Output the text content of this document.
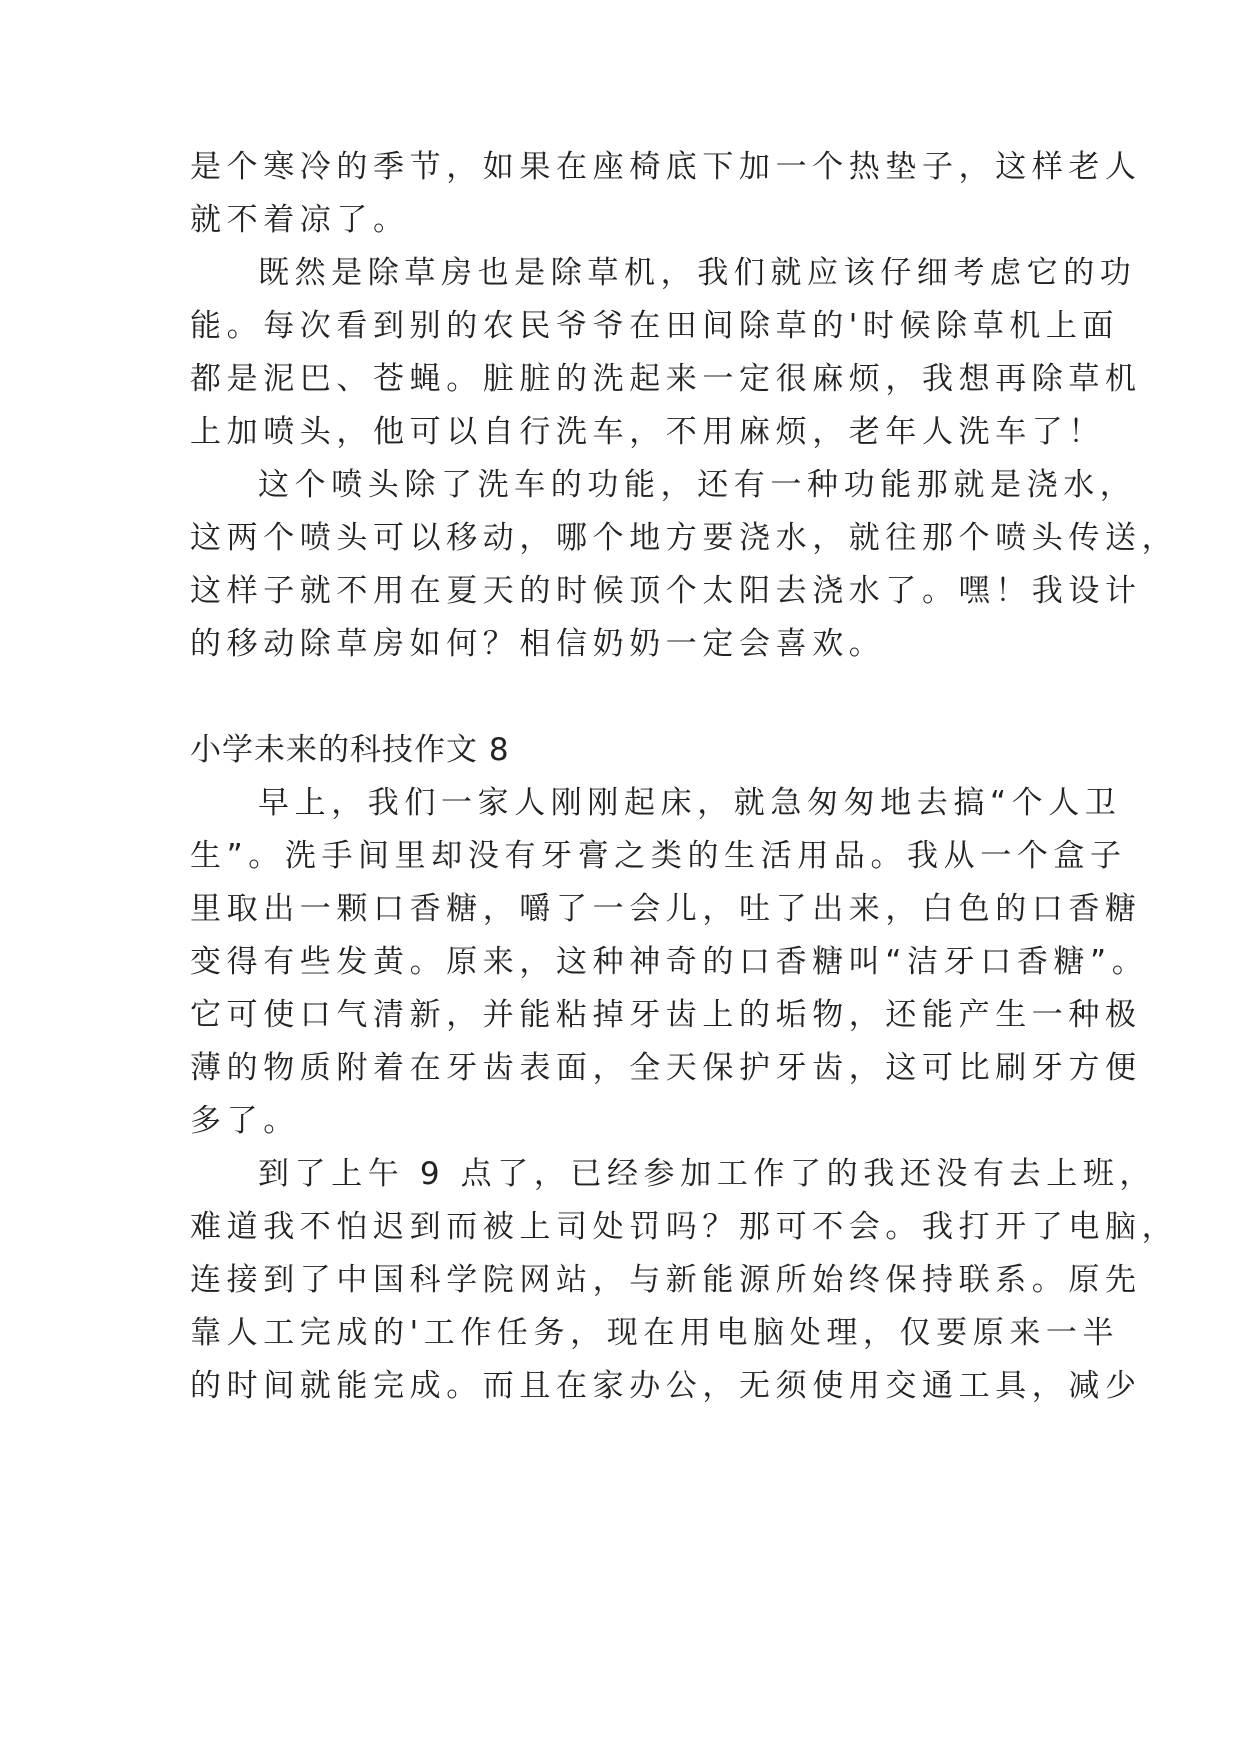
是个寒冷的季节，如果在座椅底下加一个热垫子，这样老人
就不着凉了。
既然是除草房也是除草机，我们就应该仔细考虑它的功
能。每次看到别的农民爷爷在田间除草的'时候除草机上面
都是泥巴、苍蝇。脏脏的洗起来一定很麻烦，我想再除草机
上加喷头，他可以自行洗车，不用麻烦，老年人洗车了！
这个喷头除了洗车的功能，还有一种功能那就是浇水，
这两个喷头可以移动，哪个地方要浇水，就往那个喷头传送，
这样子就不用在夏天的时候顶个太阳去浇水了。嘿！我设计
的移动除草房如何？相信奶奶一定会喜欢。
小学未来的科技作文 8
早上，我们一家人刚刚起床，就急匆匆地去搞“个人卫
生”。洗手间里却没有牙膏之类的生活用品。我从一个盒子
里取出一颗口香糖，嚼了一会儿，吐了出来，白色的口香糖
变得有些发黄。原来，这种神奇的口香糖叫“洁牙口香糖”。
它可使口气清新，并能粘掉牙齿上的垢物，还能产生一种极
薄的物质附着在牙齿表面，全天保护牙齿，这可比刷牙方便
多了。
到了上午 9 点了，已经参加工作了的我还没有去上班，
难道我不怕迟到而被上司处罚吗？那可不会。我打开了电脑，
连接到了中国科学院网站，与新能源所始终保持联系。原先
靠人工完成的'工作任务，现在用电脑处理，仅要原来一半
的时间就能完成。而且在家办公，无须使用交通工具，减少
